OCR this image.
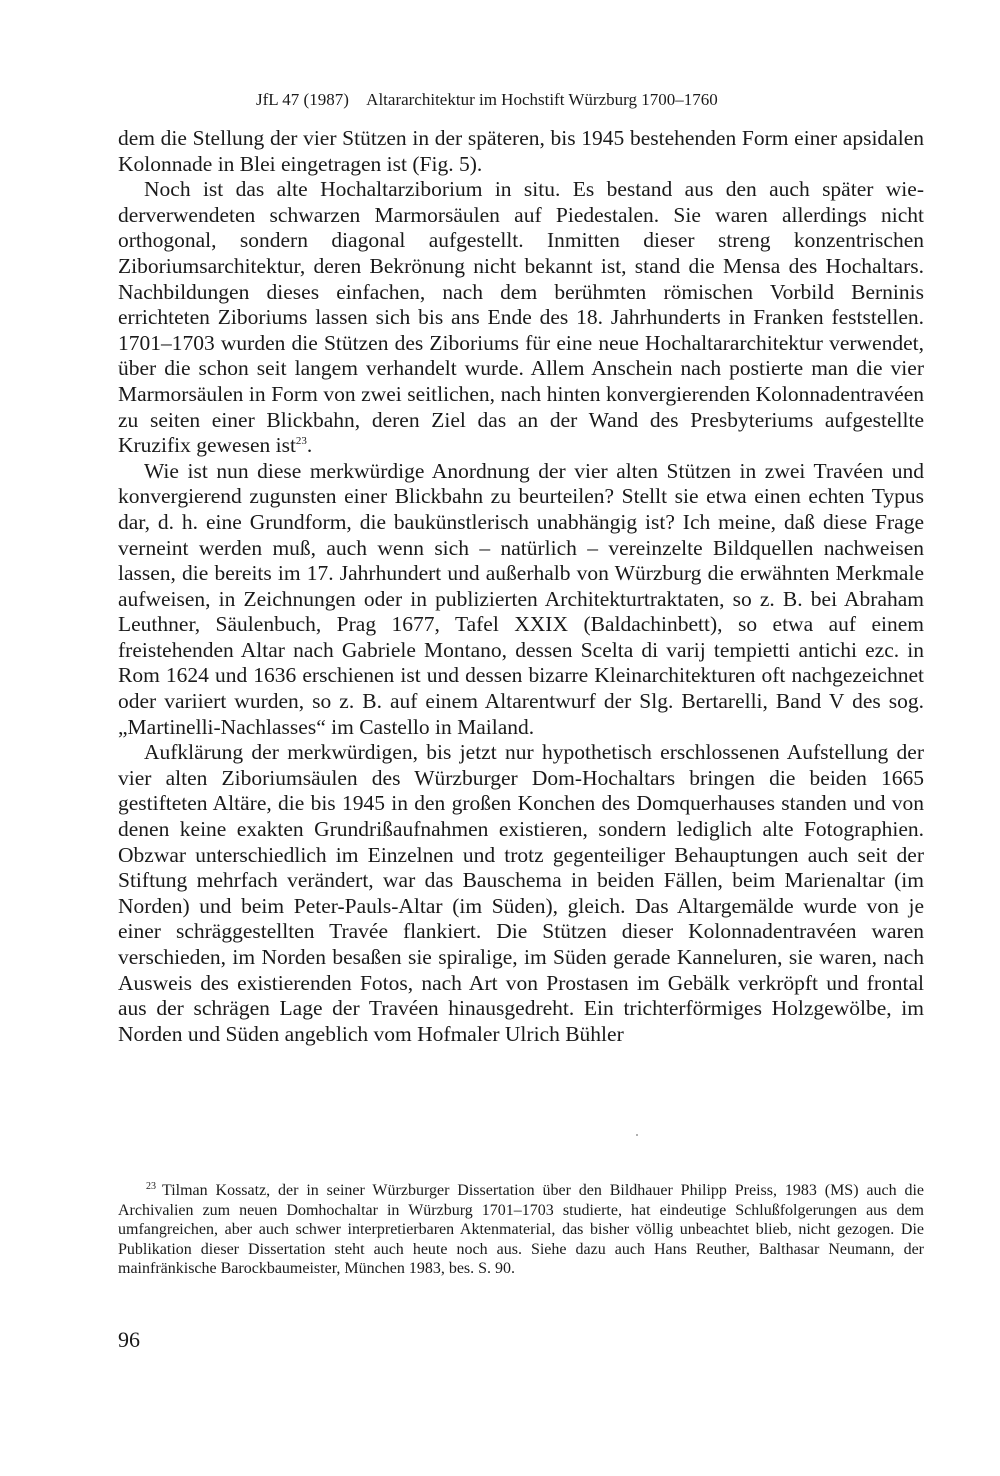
JfL 47 (1987) Altararchitektur im Hochstift Würzburg 1700–1760

dem die Stellung der vier Stützen in der späteren, bis 1945 bestehenden Form einer apsidalen Kolonnade in Blei eingetragen ist (Fig. 5).

Noch ist das alte Hochaltarziborium in situ. Es bestand aus den auch später wiederverwendeten schwarzen Marmorsäulen auf Piedestalen. Sie waren allerdings nicht orthogonal, sondern diagonal aufgestellt. Inmitten dieser streng konzentrischen Ziboriumsarchitektur, deren Bekrönung nicht bekannt ist, stand die Mensa des Hochaltars. Nachbildungen dieses einfachen, nach dem berühmten römischen Vorbild Berninis errichteten Ziboriums lassen sich bis ans Ende des 18. Jahrhunderts in Franken feststellen. 1701–1703 wurden die Stützen des Ziboriums für eine neue Hochaltararchitektur verwendet, über die schon seit langem verhandelt wurde. Allem Anschein nach postierte man die vier Marmorsäulen in Form von zwei seitlichen, nach hinten konvergierenden Kolonnadentravéen zu seiten einer Blickbahn, deren Ziel das an der Wand des Presbyteriums aufgestellte Kruzifix gewesen ist$^{23}$.

Wie ist nun diese merkwürdige Anordnung der vier alten Stützen in zwei Travéen und konvergierend zugunsten einer Blickbahn zu beurteilen? Stellt sie etwa einen echten Typus dar, d. h. eine Grundform, die baukünstlerisch unabhängig ist? Ich meine, daß diese Frage verneint werden muß, auch wenn sich – natürlich – vereinzelte Bildquellen nachweisen lassen, die bereits im 17. Jahrhundert und außerhalb von Würzburg die erwähnten Merkmale aufweisen, in Zeichnungen oder in publizierten Architekturtraktaten, so z. B. bei Abraham Leuthner, Säulenbuch, Prag 1677, Tafel XXIX (Baldachinbett), so etwa auf einem freistehenden Altar nach Gabriele Montano, dessen Scelta di varij tempietti antichi ezc. in Rom 1624 und 1636 erschienen ist und dessen bizarre Kleinarchitekturen oft nachgezeichnet oder variiert wurden, so z. B. auf einem Altarentwurf der Slg. Bertarelli, Band V des sog. „Martinelli-Nachlasses“ im Castello in Mailand.

Aufklärung der merkwürdigen, bis jetzt nur hypothetisch erschlossenen Aufstellung der vier alten Ziboriumsäulen des Würzburger Dom-Hochaltars bringen die beiden 1665 gestifteten Altäre, die bis 1945 in den großen Konchen des Domquerhauses standen und von denen keine exakten Grundrißaufnahmen existieren, sondern lediglich alte Fotographien. Obzwar unterschiedlich im Einzelnen und trotz gegenteiliger Behauptungen auch seit der Stiftung mehrfach verändert, war das Bauschema in beiden Fällen, beim Marienaltar (im Norden) und beim Peter-Pauls-Altar (im Süden), gleich. Das Altargemälde wurde von je einer schräggestellten Travée flankiert. Die Stützen dieser Kolonnadentravéen waren verschieden, im Norden besaßen sie spiralige, im Süden gerade Kanneluren, sie waren, nach Ausweis des existierenden Fotos, nach Art von Prostasen im Gebälk verkröpft und frontal aus der schrägen Lage der Travéen hinausgedreht. Ein trichterförmiges Holzgewölbe, im Norden und Süden angeblich vom Hofmaler Ulrich Bühler

$^{23}$ Tilman Kossatz, der in seiner Würzburger Dissertation über den Bildhauer Philipp Preiss, 1983 (MS) auch die Archivalien zum neuen Domhochaltar in Würzburg 1701–1703 studierte, hat eindeutige Schlußfolgerungen aus dem umfangreichen, aber auch schwer interpretierbaren Aktenmaterial, das bisher völlig unbeachtet blieb, nicht gezogen. Die Publikation dieser Dissertation steht auch heute noch aus. Siehe dazu auch Hans Reuther, Balthasar Neumann, der mainfränkische Barockbaumeister, München 1983, bes. S. 90.
96
